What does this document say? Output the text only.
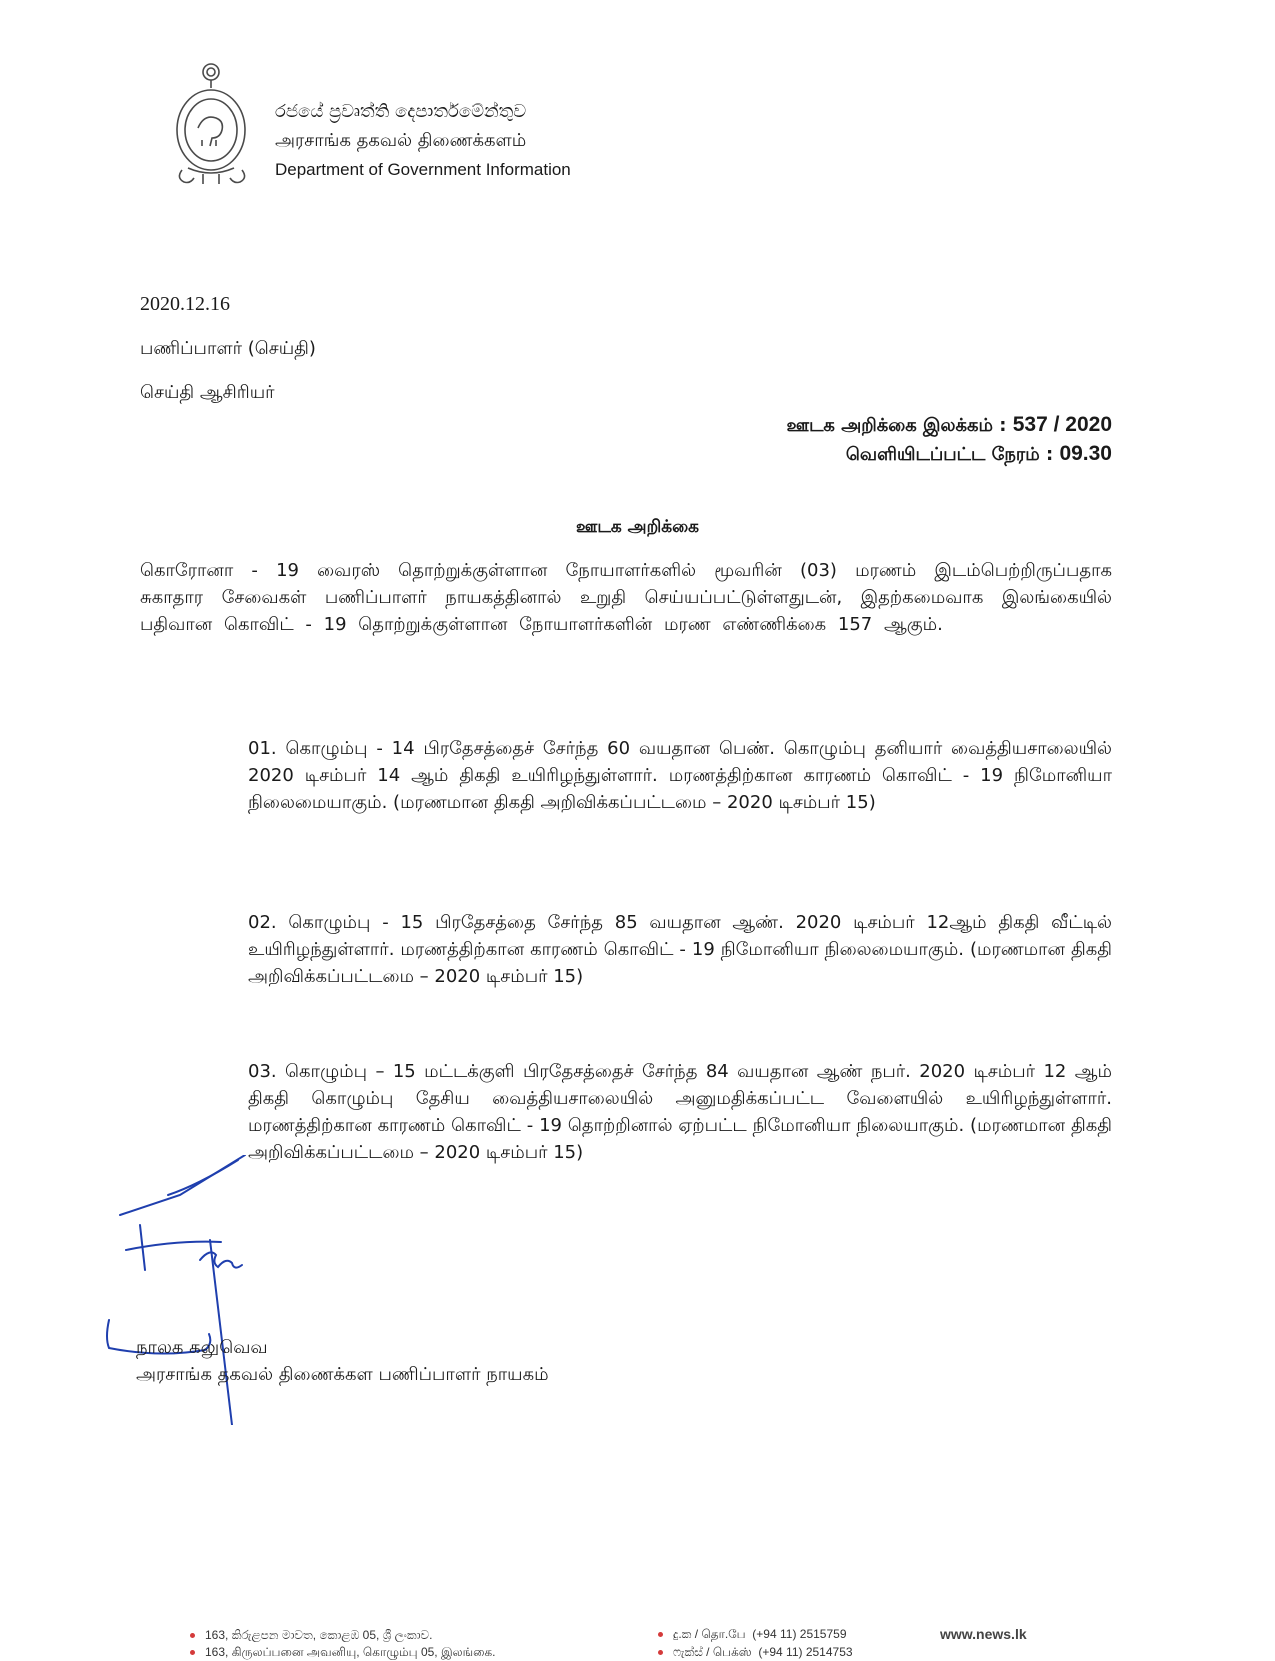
රජයේ ප්‍රවෘත්ති දෙපාර්තමේන්තුව
அரசாங்க தகவல் திணைக்களம்
Department of Government Information
2020.12.16
பணிப்பாளர் (செய்தி)
செய்தி ஆசிரியர்
ஊடக அறிக்கை இலக்கம் : 537 / 2020
வெளியிடப்பட்ட நேரம் : 09.30
ஊடக அறிக்கை
கொரோனா - 19 வைரஸ் தொற்றுக்குள்ளான நோயாளர்களில் மூவரின் (03) மரணம் இடம்பெற்றிருப்பதாக சுகாதார சேவைகள் பணிப்பாளர் நாயகத்தினால் உறுதி செய்யப்பட்டுள்ளதுடன், இதற்கமைவாக இலங்கையில் பதிவான கொவிட் - 19 தொற்றுக்குள்ளான நோயாளர்களின் மரண எண்ணிக்கை 157 ஆகும்.
01. கொழும்பு - 14 பிரதேசத்தைச் சேர்ந்த 60 வயதான பெண். கொழும்பு தனியார் வைத்தியசாலையில் 2020 டிசம்பர் 14 ஆம் திகதி உயிரிழந்துள்ளார். மரணத்திற்கான காரணம் கொவிட் - 19 நிமோனியா நிலைமையாகும். (மரணமான திகதி அறிவிக்கப்பட்டமை – 2020 டிசம்பர் 15)
02. கொழும்பு - 15 பிரதேசத்தை சேர்ந்த 85 வயதான ஆண். 2020 டிசம்பர் 12ஆம் திகதி வீட்டில் உயிரிழந்துள்ளார். மரணத்திற்கான காரணம் கொவிட் - 19 நிமோனியா நிலைமையாகும். (மரணமான திகதி அறிவிக்கப்பட்டமை – 2020 டிசம்பர் 15)
03. கொழும்பு – 15 மட்டக்குளி பிரதேசத்தைச் சேர்ந்த 84 வயதான ஆண் நபர். 2020 டிசம்பர் 12 ஆம் திகதி கொழும்பு தேசிய வைத்தியசாலையில் அனுமதிக்கப்பட்ட வேளையில் உயிரிழந்துள்ளார். மரணத்திற்கான காரணம் கொவிட் - 19 தொற்றினால் ஏற்பட்ட நிமோனியா நிலையாகும். (மரணமான திகதி அறிவிக்கப்பட்டமை – 2020 டிசம்பர் 15)
நாலக கலுவெவ
அரசாங்க தகவல் திணைக்கள பணிப்பாளர் நாயகம்
163, කිරුළපන මාවත, කොළඹ 05, ශ්‍රී ලංකාව.
163, கிருலப்பனை அவனியு, கொழும்பு 05, இலங்கை.
දු.ක / தொ.பே (+94 11) 2515759
ෆැක්ස් / பெக்ஸ் (+94 11) 2514753
www.news.lk
